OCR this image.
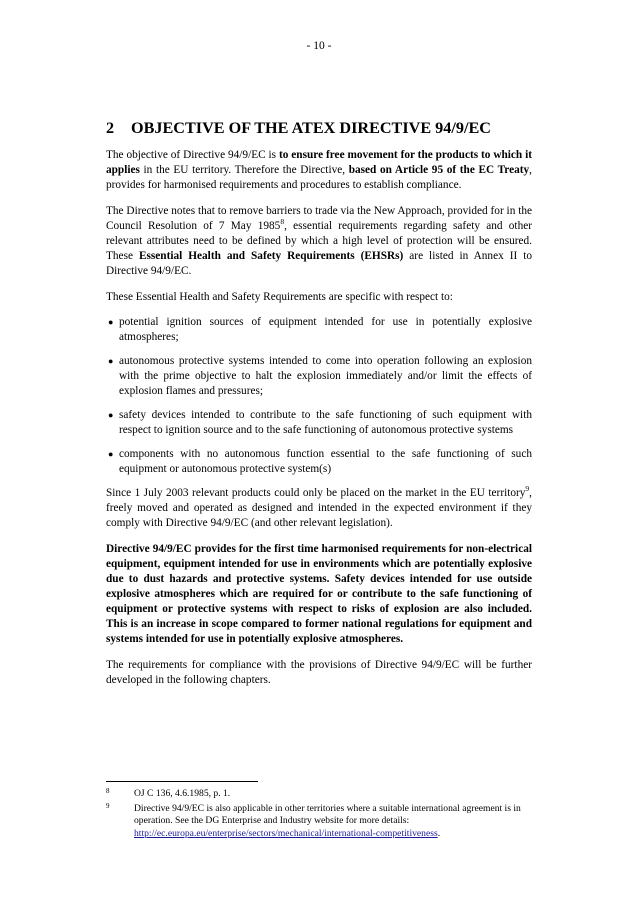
- 10 -
2 OBJECTIVE OF THE ATEX DIRECTIVE 94/9/EC

The objective of Directive 94/9/EC is to ensure free movement for the products to which it applies in the EU territory. Therefore the Directive, based on Article 95 of the EC Treaty, provides for harmonised requirements and procedures to establish compliance.

The Directive notes that to remove barriers to trade via the New Approach, provided for in the Council Resolution of 7 May 1985$^8$, essential requirements regarding safety and other relevant attributes need to be defined by which a high level of protection will be ensured. These Essential Health and Safety Requirements (EHSRs) are listed in Annex II to Directive 94/9/EC.

These Essential Health and Safety Requirements are specific with respect to:

● potential ignition sources of equipment intended for use in potentially explosive atmospheres;
● autonomous protective systems intended to come into operation following an explosion with the prime objective to halt the explosion immediately and/or limit the effects of explosion flames and pressures;
● safety devices intended to contribute to the safe functioning of such equipment with respect to ignition source and to the safe functioning of autonomous protective systems
● components with no autonomous function essential to the safe functioning of such equipment or autonomous protective system(s)

Since 1 July 2003 relevant products could only be placed on the market in the EU territory$^9$, freely moved and operated as designed and intended in the expected environment if they comply with Directive 94/9/EC (and other relevant legislation).

Directive 94/9/EC provides for the first time harmonised requirements for non-electrical equipment, equipment intended for use in environments which are potentially explosive due to dust hazards and protective systems. Safety devices intended for use outside explosive atmospheres which are required for or contribute to the safe functioning of equipment or protective systems with respect to risks of explosion are also included. This is an increase in scope compared to former national regulations for equipment and systems intended for use in potentially explosive atmospheres.

The requirements for compliance with the provisions of Directive 94/9/EC will be further developed in the following chapters.

8	OJ C 136, 4.6.1985, p. 1.
9	Directive 94/9/EC is also applicable in other territories where a suitable international agreement is in operation. See the DG Enterprise and Industry website for more details:
http://ec.europa.eu/enterprise/sectors/mechanical/international-competitiveness.
